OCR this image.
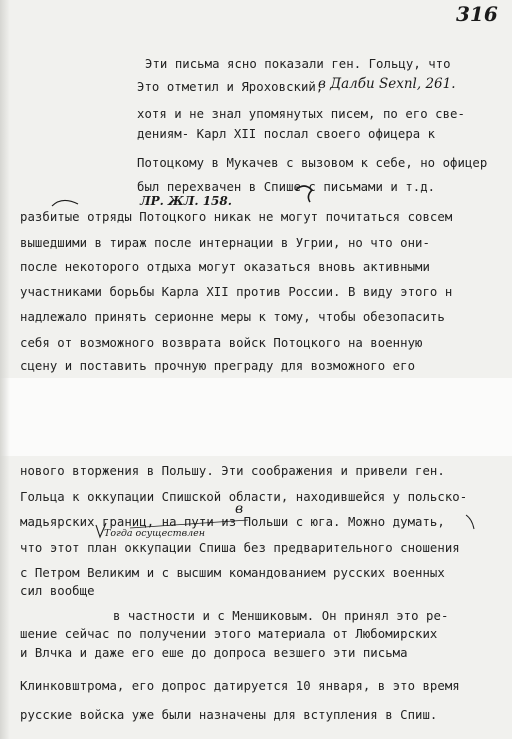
316
Эти письма ясно показали ген. Гольцу, что
Это отметил и Яроховский,
хотя и не знал упомянутых писем, по его све-
дениям- Карл XII послал своего офицера к
Потоцкому в Мукачев с вызовом к себе, но офицер
был перехвачен в Спише с письмами и т.д.
разбитые отряды Потоцкого никак не могут почитаться совсем
вышедшими в тираж после интернации в Угрии, но что они-
после некоторого отдыха могут оказаться вновь активными
участниками борьбы Карла XII против России. В виду этого н
надлежало принять серионне меры к тому, чтобы обезопасить
себя от возможного возврата войск Потоцкого на военную
сцену и поставить прочную преграду для возможного его
нового вторжения в Польшу. Эти соображения и привели ген.
Гольца к оккупации Спишской области, находившейся у польско-
мадьярских границ, на пути из Польши с юга. Можно думать,
что этот план оккупации Спиша без предварительного сношения
с Петром Великим и с высшим командованием русских военных
сил вообще
в частности и с Меншиковым. Он принял это ре-
шение сейчас по получении этого материала от Любомирских
и Влчка и даже его еше до допроса везшего эти письма
Клинковштрома, его допрос датируется 10 января, в это время
русские войска уже были назначены для вступления в Спиш.
в Далби Sexnl, 261.
ЛР. ЖЛ. 158.
Тогда осуществлен
в
